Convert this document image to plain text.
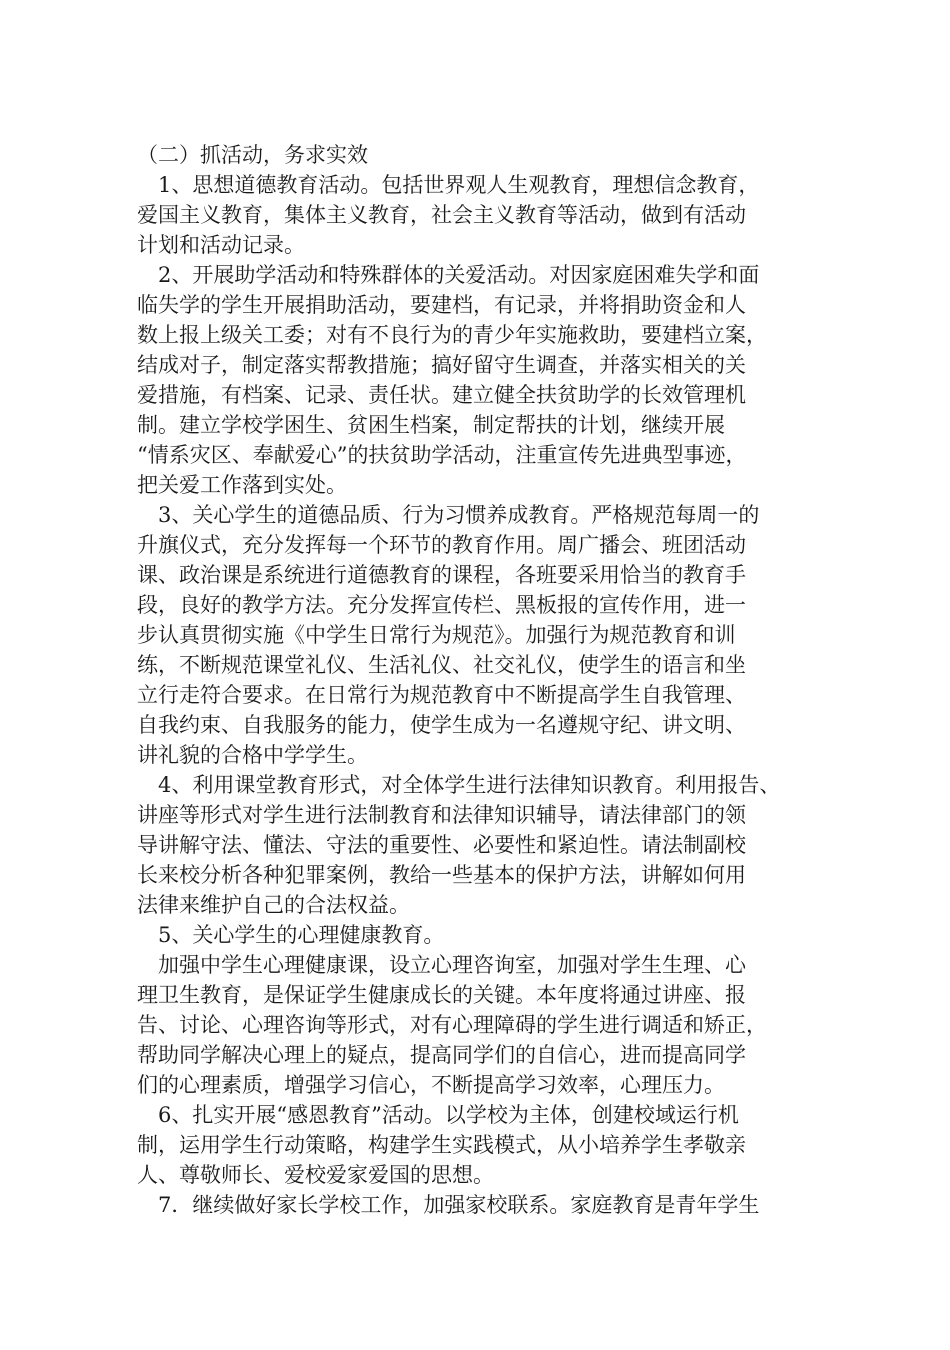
（二）抓活动，务求实效
　1、思想道德教育活动。包括世界观人生观教育，理想信念教育，
爱国主义教育，集体主义教育，社会主义教育等活动，做到有活动
计划和活动记录。
　2、开展助学活动和特殊群体的关爱活动。对因家庭困难失学和面
临失学的学生开展捐助活动，要建档，有记录，并将捐助资金和人
数上报上级关工委；对有不良行为的青少年实施救助，要建档立案，
结成对子，制定落实帮教措施；搞好留守生调查，并落实相关的关
爱措施，有档案、记录、责任状。建立健全扶贫助学的长效管理机
制。建立学校学困生、贫困生档案，制定帮扶的计划，继续开展
“情系灾区、奉献爱心”的扶贫助学活动，注重宣传先进典型事迹，
把关爱工作落到实处。
　3、关心学生的道德品质、行为习惯养成教育。严格规范每周一的
升旗仪式，充分发挥每一个环节的教育作用。周广播会、班团活动
课、政治课是系统进行道德教育的课程，各班要采用恰当的教育手
段，良好的教学方法。充分发挥宣传栏、黑板报的宣传作用，进一
步认真贯彻实施《中学生日常行为规范》。加强行为规范教育和训
练，不断规范课堂礼仪、生活礼仪、社交礼仪，使学生的语言和坐
立行走符合要求。在日常行为规范教育中不断提高学生自我管理、
自我约束、自我服务的能力，使学生成为一名遵规守纪、讲文明、
讲礼貌的合格中学学生。
　4、利用课堂教育形式，对全体学生进行法律知识教育。利用报告、
讲座等形式对学生进行法制教育和法律知识辅导，请法律部门的领
导讲解守法、懂法、守法的重要性、必要性和紧迫性。请法制副校
长来校分析各种犯罪案例，教给一些基本的保护方法，讲解如何用
法律来维护自己的合法权益。
　5、关心学生的心理健康教育。
　加强中学生心理健康课，设立心理咨询室，加强对学生生理、心
理卫生教育，是保证学生健康成长的关键。本年度将通过讲座、报
告、讨论、心理咨询等形式，对有心理障碍的学生进行调适和矫正，
帮助同学解决心理上的疑点，提高同学们的自信心，进而提高同学
们的心理素质，增强学习信心，不断提高学习效率，心理压力。
　6、扎实开展“感恩教育”活动。以学校为主体，创建校域运行机
制，运用学生行动策略，构建学生实践模式，从小培养学生孝敬亲
人、尊敬师长、爱校爱家爱国的思想。
　7．继续做好家长学校工作，加强家校联系。家庭教育是青年学生
